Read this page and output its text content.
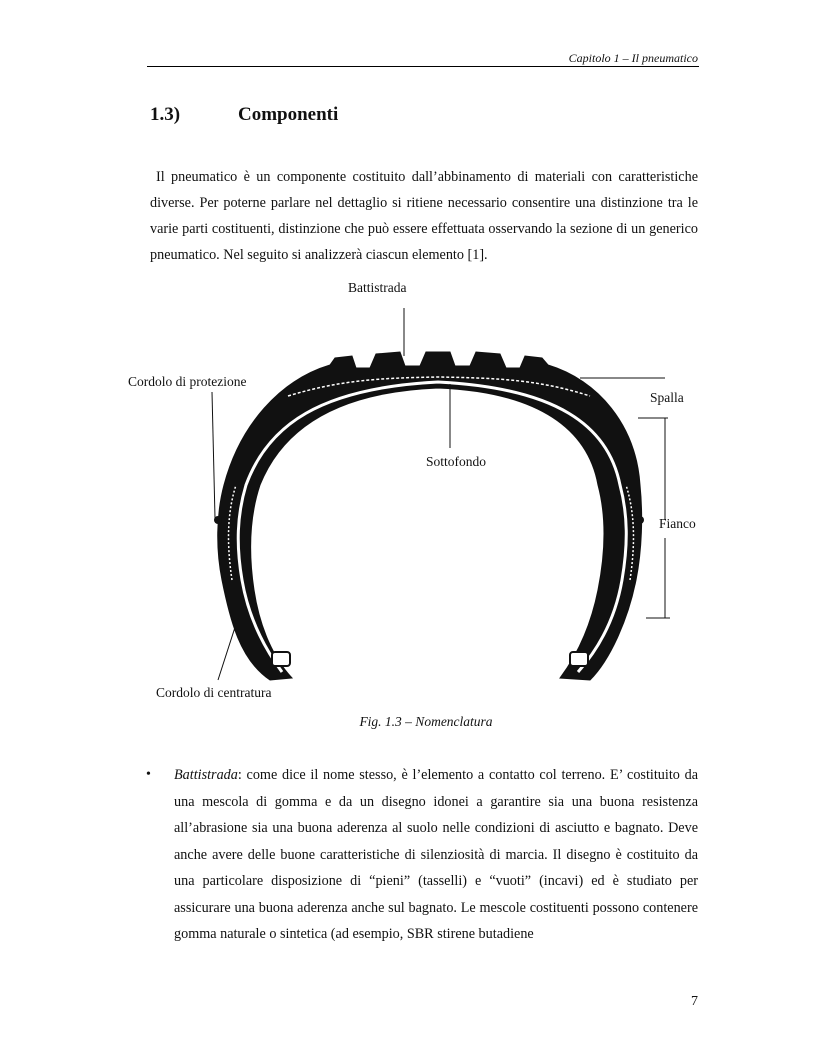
Capitolo 1 – Il pneumatico
1.3)	Componenti

Il pneumatico è un componente costituito dall’abbinamento di materiali con caratteristiche diverse. Per poterne parlare nel dettaglio si ritiene necessario consentire una distinzione tra le varie parti costituenti, distinzione che può essere effettuata osservando la sezione di un generico pneumatico. Nel seguito si analizzerà ciascun elemento [1].

Battistrada
Cordolo di protezione
Spalla
Sottofondo
Fianco
Cordolo di centratura
Fig. 1.3 – Nomenclatura
• Battistrada: come dice il nome stesso, è l’elemento a contatto col terreno. E’ costituito da una mescola di gomma e da un disegno idonei a garantire sia una buona resistenza all’abrasione sia una buona aderenza al suolo nelle condizioni di asciutto e bagnato. Deve anche avere delle buone caratteristiche di silenziosità di marcia. Il disegno è costituito da una particolare disposizione di “pieni” (tasselli) e “vuoti” (incavi) ed è studiato per assicurare una buona aderenza anche sul bagnato. Le mescole costituenti possono contenere gomma naturale o sintetica (ad esempio, SBR stirene butadiene
7
